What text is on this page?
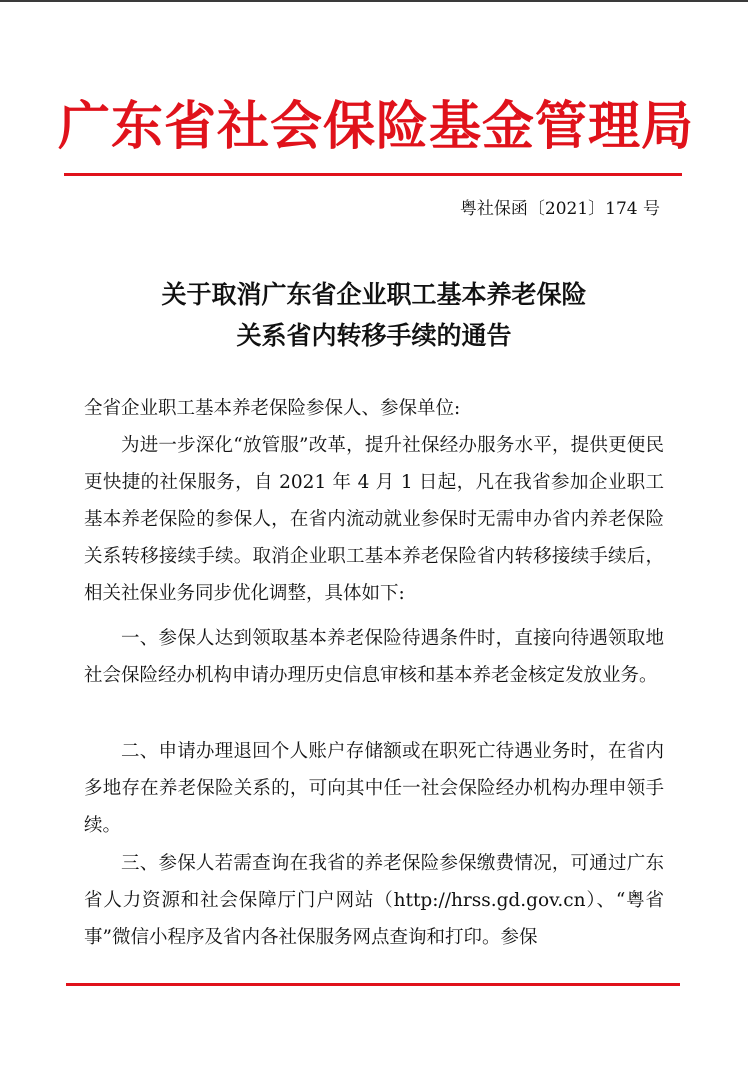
广东省社会保险基金管理局
粤社保函〔2021〕174 号
关于取消广东省企业职工基本养老保险
关系省内转移手续的通告
全省企业职工基本养老保险参保人、参保单位:

为进一步深化“放管服”改革，提升社保经办服务水平，提供更便民更快捷的社保服务，自 2021 年 4 月 1 日起，凡在我省参加企业职工基本养老保险的参保人，在省内流动就业参保时无需申办省内养老保险关系转移接续手续。取消企业职工基本养老保险省内转移接续手续后，相关社保业务同步优化调整，具体如下:

一、参保人达到领取基本养老保险待遇条件时，直接向待遇领取地社会保险经办机构申请办理历史信息审核和基本养老金核定发放业务。

二、申请办理退回个人账户存储额或在职死亡待遇业务时，在省内多地存在养老保险关系的，可向其中任一社会保险经办机构办理申领手续。

三、参保人若需查询在我省的养老保险参保缴费情况，可通过广东省人力资源和社会保障厅门户网站（http://hrss.gd.gov.cn）、“粤省事”微信小程序及省内各社保服务网点查询和打印。参保
